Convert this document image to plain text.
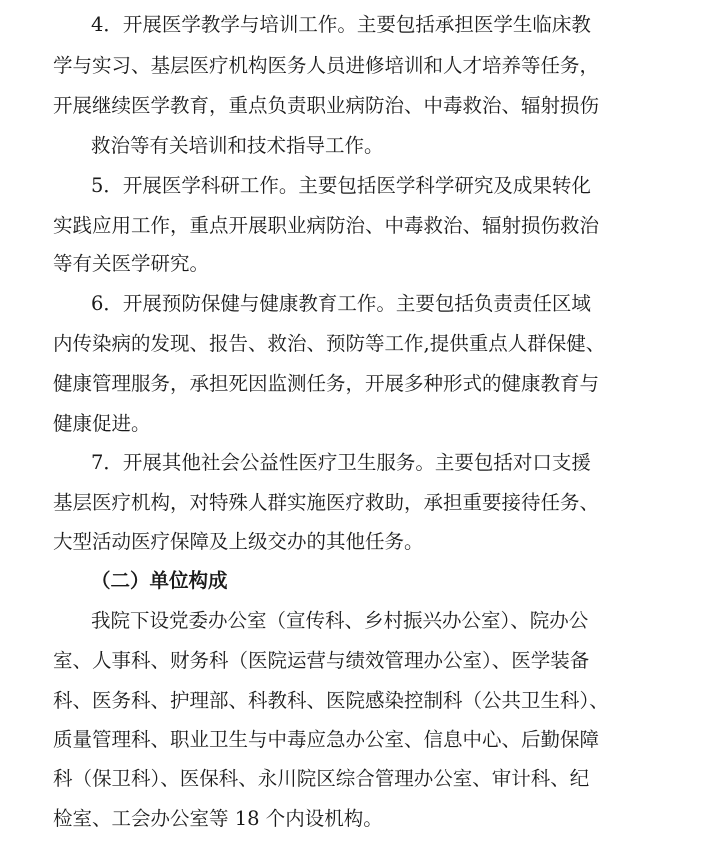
4．开展医学教学与培训工作。主要包括承担医学生临床教
学与实习、基层医疗机构医务人员进修培训和人才培养等任务，
开展继续医学教育，重点负责职业病防治、中毒救治、辐射损伤
救治等有关培训和技术指导工作。
5．开展医学科研工作。主要包括医学科学研究及成果转化
实践应用工作，重点开展职业病防治、中毒救治、辐射损伤救治
等有关医学研究。
6．开展预防保健与健康教育工作。主要包括负责责任区域
内传染病的发现、报告、救治、预防等工作,提供重点人群保健、
健康管理服务，承担死因监测任务，开展多种形式的健康教育与
健康促进。
7．开展其他社会公益性医疗卫生服务。主要包括对口支援
基层医疗机构，对特殊人群实施医疗救助，承担重要接待任务、
大型活动医疗保障及上级交办的其他任务。
（二）单位构成
我院下设党委办公室（宣传科、乡村振兴办公室）、院办公
室、人事科、财务科（医院运营与绩效管理办公室）、医学装备
科、医务科、护理部、科教科、医院感染控制科（公共卫生科）、
质量管理科、职业卫生与中毒应急办公室、信息中心、后勤保障
科（保卫科）、医保科、永川院区综合管理办公室、审计科、纪
检室、工会办公室等 18 个内设机构。
